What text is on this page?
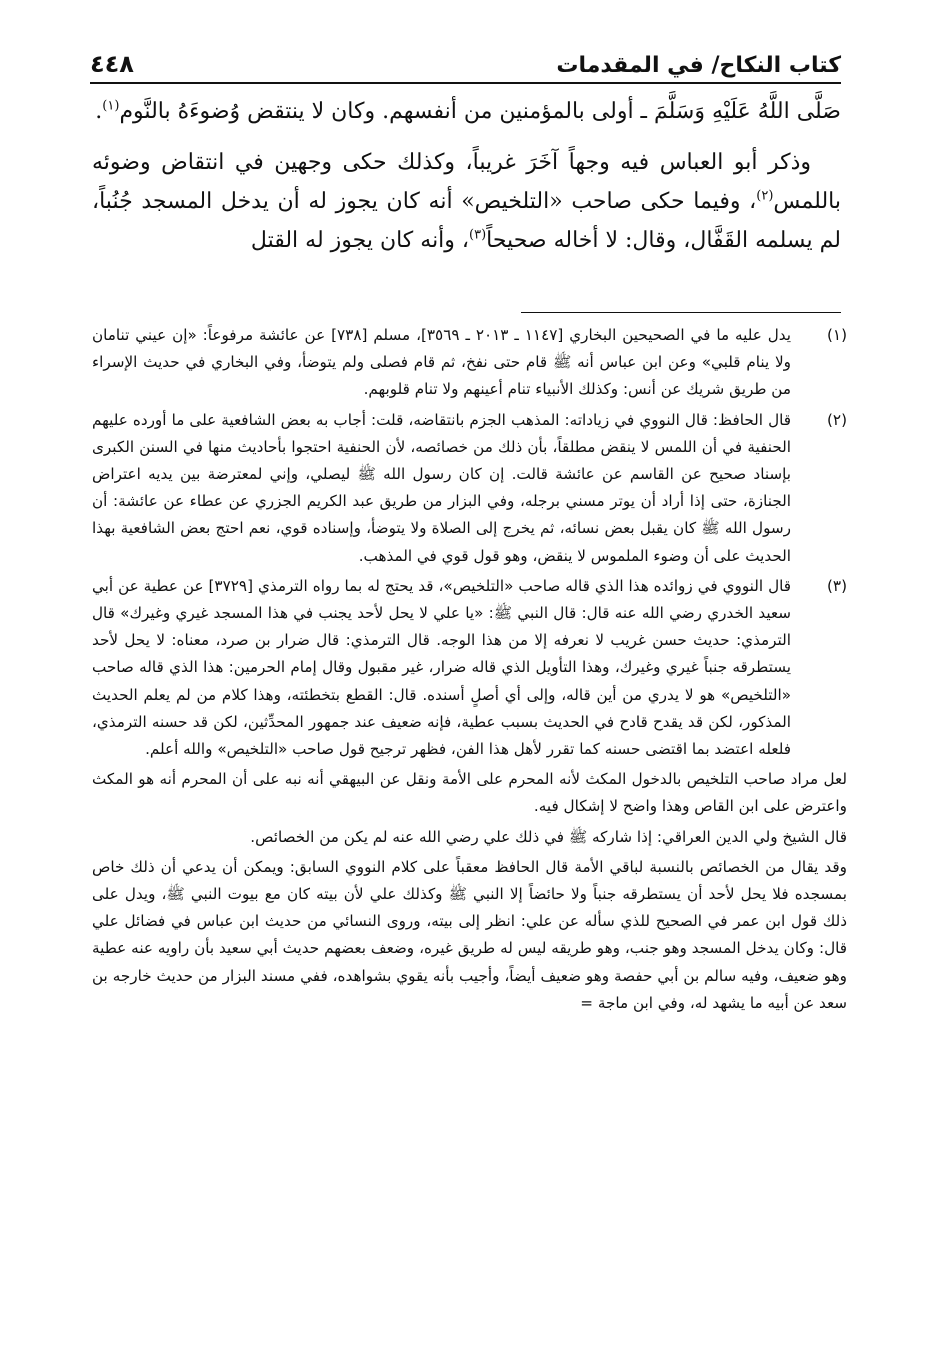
كتاب النكاح/ في المقدمات
٤٤٨

صَلَّى اللَّهُ عَلَيْهِ وَسَلَّمَ ـ أولى بالمؤمنين من أنفسهم. وكان لا ينتقض وُضوءَهُ بالنَّوم$^{(١)}$.

وذكر أبو العباس فيه وجهاً آخَرَ غريباً، وكذلك حكى وجهين في انتقاض وضوئه باللمس$^{(٢)}$، وفيما حكى صاحب «التلخيص» أنه كان يجوز له أن يدخل المسجد جُنُباً، لم يسلمه القَفَّال، وقال: لا أخاله صحيحاً$^{(٣)}$، وأنه كان يجوز له القتل

(١)

يدل عليه ما في الصحيحين البخاري [١١٤٧ ـ ٢٠١٣ ـ ٣٥٦٩]، مسلم [٧٣٨] عن عائشة مرفوعاً: «إن عيني تنامان ولا ينام قلبي» وعن ابن عباس أنه ﷺ قام حتى نفخ، ثم قام فصلى ولم يتوضأ، وفي البخاري في حديث الإسراء من طريق شريك عن أنس: وكذلك الأنبياء تنام أعينهم ولا تنام قلوبهم.

(٢)

قال الحافظ: قال النووي في زياداته: المذهب الجزم بانتقاضه، قلت: أجاب به بعض الشافعية على ما أورده عليهم الحنفية في أن اللمس لا ينقض مطلقاً، بأن ذلك من خصائصه، لأن الحنفية احتجوا بأحاديث منها في السنن الكبرى بإسناد صحيح عن القاسم عن عائشة قالت. إن كان رسول الله ﷺ ليصلي، وإني لمعترضة بين يديه اعتراض الجنازة، حتى إذا أراد أن يوتر مسني برجله، وفي البزار من طريق عبد الكريم الجزري عن عطاء عن عائشة: أن رسول الله ﷺ كان يقبل بعض نسائه، ثم يخرج إلى الصلاة ولا يتوضأ، وإسناده قوي، نعم احتج بعض الشافعية بهذا الحديث على أن وضوء الملموس لا ينقض، وهو قول قوي في المذهب.

(٣)

قال النووي في زوائده هذا الذي قاله صاحب «التلخيص»، قد يحتج له بما رواه الترمذي [٣٧٢٩] عن عطية عن أبي سعيد الخدري رضي الله عنه قال: قال النبي ﷺ: «يا علي لا يحل لأحد يجنب في هذا المسجد غيري وغيرك» قال الترمذي: حديث حسن غريب لا نعرفه إلا من هذا الوجه. قال الترمذي: قال ضرار بن صرد، معناه: لا يحل لأحد يستطرقه جنباً غيري وغيرك، وهذا التأويل الذي قاله ضرار، غير مقبول وقال إمام الحرمين: هذا الذي قاله صاحب «التلخيص» هو لا يدري من أين قاله، وإلى أي أصلٍ أسنده. قال: القطع بتخطئته، وهذا كلام من لم يعلم الحديث المذكور، لكن قد يقدح قادح في الحديث بسبب عطية، فإنه ضعيف عند جمهور المحدِّثين، لكن قد حسنه الترمذي، فلعله اعتضد بما اقتضى حسنه كما تقرر لأهل هذا الفن، فظهر ترجيح قول صاحب «التلخيص» والله أعلم.

لعل مراد صاحب التلخيص بالدخول المكث لأنه المحرم على الأمة ونقل عن البيهقي أنه نبه على أن المحرم أنه هو المكث واعترض على ابن القاص وهذا واضح لا إشكال فيه.

قال الشيخ ولي الدين العراقي: إذا شاركه ﷺ في ذلك علي رضي الله عنه لم يكن من الخصائص.

وقد يقال من الخصائص بالنسبة لباقي الأمة قال الحافظ معقباً على كلام النووي السابق: ويمكن أن يدعي أن ذلك خاص بمسجده فلا يحل لأحد أن يستطرقه جنباً ولا حائضاً إلا النبي ﷺ وكذلك علي لأن بيته كان مع بيوت النبي ﷺ، ويدل على ذلك قول ابن عمر في الصحيح للذي سأله عن علي: انظر إلى بيته، وروى النسائي من حديث ابن عباس في فضائل علي قال: وكان يدخل المسجد وهو جنب، وهو طريقه ليس له طريق غيره، وضعف بعضهم حديث أبي سعيد بأن راويه عنه عطية وهو ضعيف، وفيه سالم بن أبي حفصة وهو ضعيف أيضاً، وأجيب بأنه يقوي بشواهده، ففي مسند البزار من حديث خارجه بن سعد عن أبيه ما يشهد له، وفي ابن ماجة =
